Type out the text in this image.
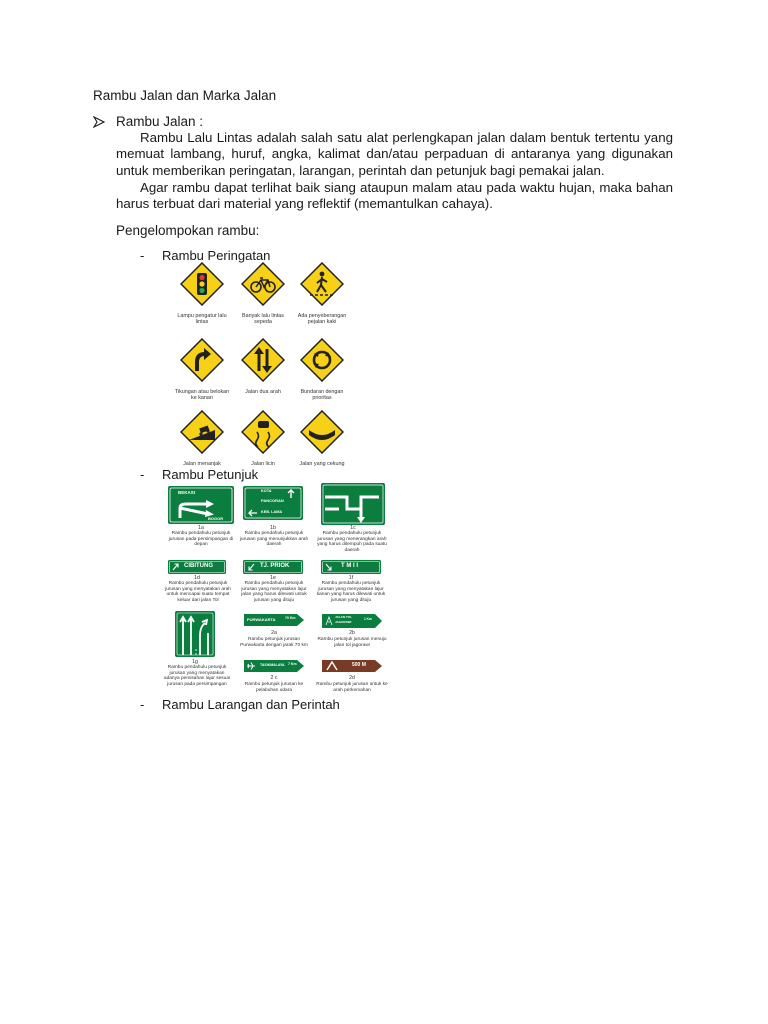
Rambu Jalan dan Marka Jalan
Rambu Jalan :
Rambu Lalu Lintas adalah salah satu alat perlengkapan jalan dalam bentuk tertentu yang memuat lambang, huruf, angka, kalimat dan/atau perpaduan di antaranya yang digunakan untuk memberikan peringatan, larangan, perintah dan petunjuk bagi pemakai jalan.
Agar rambu dapat terlihat baik siang ataupun malam atau pada waktu hujan, maka bahan harus terbuat dari material yang reflektif (memantulkan cahaya).
Pengelompokan rambu:
-	Rambu Peringatan
Lampu pengatur lalu lintas
Banyak lalu lintas sepeda
Ada penyeberangan pejalan kaki
Tikungan atau belokan ke kanan
Jalan dua arah	Bundaran dengan prioritas
Jalan menanjak	Jalan licin	Jalan yang cekung
-	Rambu Petunjuk
BEKASI
BOGOR
1a
Rambu pendahulu petunjuk jurusan pada persimpangan di depan
KOTA
PANCORAN
KEB. LAMA
1b
Rambu pendahulu petunjuk jurusan yang menunjukkan arah daerah
1c
Rambu pendahulu petunjuk jurusan yang menerangkan arah yang harus ditempuh pada suatu daerah
CIBITUNG
1d
Rambu pendahulu petunjuk jurusan yang menyatakan arah untuk mencapai suatu tempat keluar dari jalan Tol
TJ. PRIOK
1e
Rambu pendahulu petunjuk jurusan yang menyatakan lajur jalan yang harus dilewati untuk jurusan yang dituju
T M I I
1f
Rambu pendahulu petunjuk jurusan yang menyatakan lajur kanan yang harus dilewati untuk jurusan yang dituju
1g
Rambu pendahulu petunjuk jurusan yang menyatakan adanya pemisahan lajur sesuai jurusan pada persimpangan
PURWAKARTA	70 Km
2a
Rambu petunjuk jurusan Purwakarta dengan jarak 70 km
JALAN TOL
JAGORAWI
1 Km
2b
Rambu petunjuk jurusan menuju jalan tol jagorawi
TASIKMALAYA 7 Km
2 c
Rambu petunjuk jurusan ke pelabuhan udara
500 M
2d
Rambu petunjuk jurusan untuk ke arah perkemahan
-	Rambu Larangan dan Perintah
